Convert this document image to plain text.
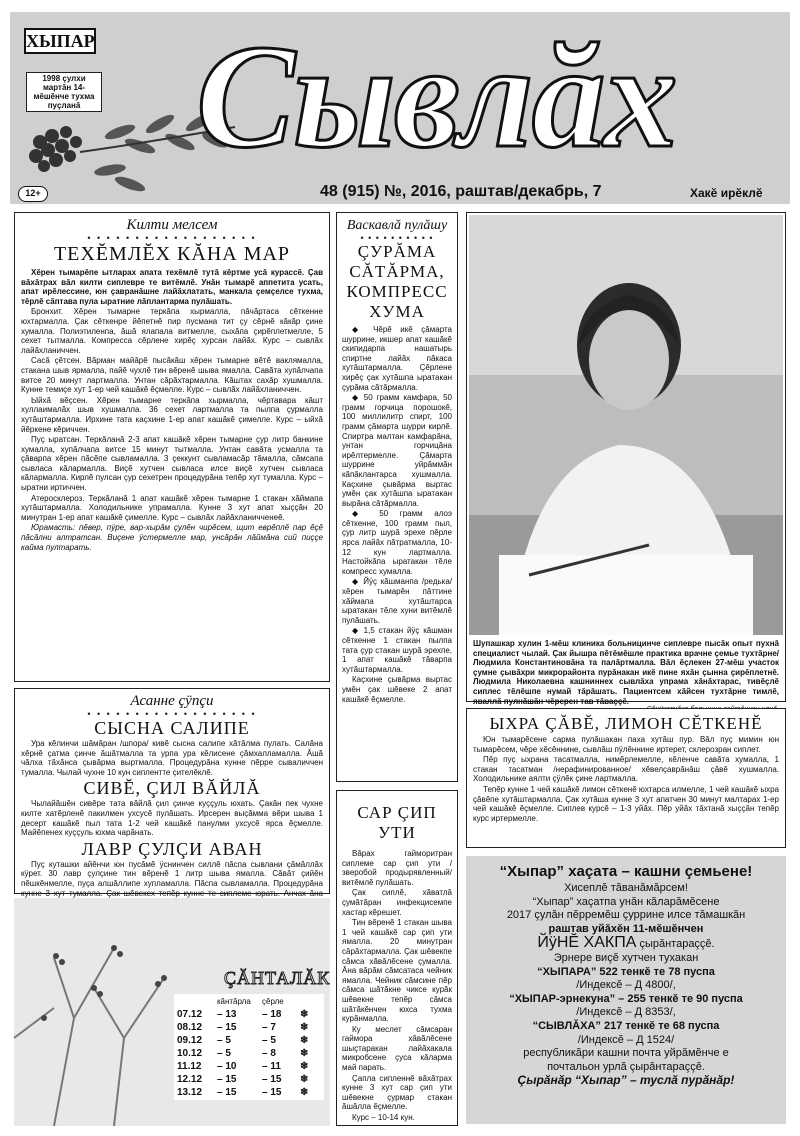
ХЫПАР
1998 çулхи мартăн 14-мĕшĕнче тухма пуçланă Сывлăх
12+	48 (915) №, 2016, раштав/декабрь, 7	Хакĕ ирĕклĕ
Килти мелсем
• • • • • • • • • • • • • • • • • •
ТЕХĔМЛĔХ КĂНА МАР

Хĕрен тымарĕпе ытларах апата техĕмлĕ тутă кĕртме усă курассĕ. Çав вăхăтрах вăл килти сиплевре те витĕмлĕ. Унăн тымарĕ аппетита усать, апат ирĕлессине, юн çавранăшне лайăхлатать, манкала çемçелсе тухма, тĕрлĕ сăптава пула ыратние лăплантарма пулăшать.

Бронхит. Хĕрен тымарне теркăпа хырмалла, пăчăртаса сĕткенне юхтармалла. Çак сĕткенре йĕпетнĕ пир пусмана тит çу сĕрнĕ кăкăр çине хумалла. Полиэтиленпа, ăшă ялапала витмелле, сыхăпа çирĕплетмелле, 5 сехет тытмалла. Компресса сĕрлене хирĕç хурсан лайăх. Курс – сывлăх лайăхланиччен.

Сасă çĕтсен. Вăрман майăрĕ пысăкăш хĕрен тымарне вĕтĕ ваклямалла, стакана шыв ярмалла, пайĕ чухлĕ тин вĕренĕ шыва ямалла. Савăта хупăлчапа витсе 20 минут лартмалла. Унтан сăрăхтармалла. Кăштах сахăр хушмалла. Кунне темиçе хут 1-ер чей кашăкĕ ĕçмелле. Курс – сывлăх лайăхланиччен.

Ыйхă вĕçсен. Хĕрен тымарне теркăпа хырмалла, чĕртавара кăшт хуллаималăх шыв хушмалла. 36 сехет лартмалла та пылпа çурмалла хутăштармалла. Ирхине тата каçхине 1-ер апат кашăкĕ çимелле. Курс – ыйхă йĕркене кĕриччен.

Пуç ыратсан. Теркăланă 2-3 апат кашăкĕ хĕрен тымарне çур литр банкине хумалла, хупăлчапа витсе 15 минут тытмалла. Унтан савăта усмалла та çăварпа хĕрен пăсĕпе сывламалла. 3 çеккунт сывламасăр тăмалла, сăмсапа сывласа кăлармалла. Виçĕ хутчен сывласа илсе виçĕ хутчен сывласа кăлармалла. Кирлĕ пулсан çур сехетрен процедурăна тепĕр хут тумалла. Курс – ыратни иртиччен.

Атеросклероз. Теркăланă 1 апат кашăкĕ хĕрен тымарне 1 стакан хăймапа хутăштармалла. Холодильнике упрамалла. Кунне 3 хут апат хыççăн 20 минутран 1-ер апат кашăкĕ çимелле. Курс – сывлăх лайăхланичченеĕ.

Юрамасть: пĕвер, пÿре, вар-хырăм çулĕн чирĕсем, щит еврĕплĕ пар ĕçĕ пăсăлни алтратсан. Виçене ÿстермелле мар, унсăрăн лăймăна сий пиççе кайма пултарать.

Асанне çÿпçи
• • • • • • • • • • • • • • • • • •
СЫСНА САЛИПЕ

Ура кĕлинчи шăмăран /шпора/ кивĕ сысна салипе хăтăлма пулать. Салăна хĕрнĕ çатма çинче ăшăтмалла та урпа ура кĕлисене çăмхалламалла. Ăшă чăлха тăхăнса çывăрма выртмалла. Процедурăна кунне пĕрре сываличчен тумалла. Чылай чухне 10 кун сиплентте çителĕклĕ.

СИВĔ, ÇИЛ ВĂЙЛĂ

Чылайăшĕн сивĕре тата вăйлă çил çинче куççуль юхать. Çакăн пек чухне килте хатĕрленĕ пакилмен ухсусĕ пулăшать. Ирсерен выçăмма вĕри шыва 1 десерт кашăкĕ пыл тата 1-2 чей кашăкĕ панулми ухсусĕ ярса ĕçмелле. Майĕпенех куççуль юхма чарăнать.

ЛАВР ÇУЛÇИ АВАН

Пуç куташки айĕнчи юн пусăмĕ ÿснинчен силлĕ пăспа сывлани çăмăллăх кÿрет. 30 лавр çулçине тин вĕренĕ 1 литр шыва ямалла. Сăвăт çийĕн пĕшкĕнмелле, пуçа алшăллипе хупламалла. Пăспа сывламалла. Процедурăна кунне 3 хут тумалла. Çак шĕвекех тепĕр кунне те сиплеме юрать. Анчах ăна

ÇĂНТАЛĂК
кăнтăрла	çĕрле
07.12	– 13	– 18	❄
08.12	– 15	– 7	❄
09.12	– 5	– 5	❄
10.12	– 5	– 8	❄
11.12	– 10	– 11	❄
12.12	– 15	– 15	❄
13.12	– 15	– 15	❄
Васкавлă пулăшу
• • • • • • • • • •
ÇУРĂМА СĂТĂРМА, КОМПРЕСС ХУМА

◆ Чĕрĕ икĕ çăмарта шуррине, икшер апат кашăкĕ скипидарпа нашатырь спиртне лайăх пăкаса хутăштармалла. Çĕрлене хирĕç çак хутăшпа ыратакан çурăма сăтăрмалла.

◆ 50 грамм камфара, 50 грамм горчица порошокĕ, 100 миллилитр спирт, 100 грамм çăмарта шурри кирлĕ. Спиртра малтан камфарăна, унтан горчицăна ирĕлтермелле. Çăмарта шуррине уйрăммăн кăпăклантарса хушмалла. Каçхине çывăрма выртас умĕн çак хутăшпа ыратакан вырăна сăтăрмалла.

◆ 50 грамм алоэ сĕткенне, 100 грамм пыл, çур литр шурă эрехе пĕрле ярса лайăх пăтратмалла, 10-12 кун лартмалла. Настойкăпа ыратакан тĕле компресс хумалла.

◆ Йÿç кăшманпа /редька/ хĕрен тымарĕн пăттине хăймапа хутăштарса ыратакан тĕле хуни витĕмлĕ пулăшать.

◆ 1,5 стакан йÿç кăшман сĕткенне 1 стакан пылпа тата çур стакан шурă эрехпе, 1 апат кашăкĕ тăварпа хутăштармалла.

Каçхине çывăрма выртас умĕн çак шĕвеке 2 апат кашăкĕ ĕçмелле.

САР ÇИП УТИ

Вăрах гайморитран сиплеме сар çип ути /зверобой продырявленный/ витĕмлĕ пулăшать.

Çак сиплĕ, хăватлă çумăтăран инфекцисемпе хастар кĕрешет.

Тин вĕренĕ 1 стакан шыва 1 чей кашăкĕ сар çип ути ямалла. 20 минутран сăрăхтармалла. Çак шĕвекпе сăмса хăвăлĕсене çумалла. Ăна вăрăм сăмсатаса чейник ямалла. Чейник сăмсине пĕр сăмса шăтăкне чиксе курăк шĕвекне тепĕр сăмса шăтăкĕнчен юхса тухма курăнмалла.

Ку меслет сăмсаран гаймора хăвăлĕсене шыçтаракан лайăхакала микробсене çуса кăларма май парать.

Çапла сипленнĕ вăхăтрах кунне 3 хут сар çип ути шĕвекне çурмар стакан ăшăлла ĕçмелле.

Курс – 10-14 кун.

Шупашкар хулин 1-мĕш клиника больницинче сиплевре пысăк опыт пухнă специалист чылай. Çак йышра пĕтĕмĕшле практика врачне çемье тухтăрне/ Людмила Константиновăна та палăртмалла. Вăл ĕçлекен 27-мĕш участок çумне çывăхри микрорайонта пурăнакан икĕ пине яхăн çынна çирĕплетнĕ. Людмила Николаевна кашниннех сывлăха упрама хăнăхтарас, тивĕçлĕ сиплес тĕлĕшпе нумай тăрăшать. Пациентсем хăйсен тухтăрне тимлĕ, яваллă пулнăшăн чĕререн тав тăваççĕ.
ЫХРА ÇĂВĔ, ЛИМОН СĔТКЕНĔ

Юн тымарĕсене сарма пулăшакан паха хутăш пур. Вăл пуç мимин юн тымарĕсем, чĕре хĕсĕннине, сывлăш пÿлĕннине иртерет, склерозран сиплет.

Пĕр пуç ыхрана тасатмалла, нимĕрлемелле, кĕленче савăта хумалла, 1 стакан тасатман /нерафинированное/ хĕвелçаврăнăш çăвĕ хушмалла. Холодильнике аялти çÿлĕк çине лартмалла.

Тепĕр кунне 1 чей кашăкĕ лимон сĕткенĕ юхтарса илмелле, 1 чей кашăкĕ ыхра çăвĕпе хутăштармалла. Çак хутăша кунне 3 хут апатчен 30 минут малтарах 1-ер чей кашăкĕ ĕçмелле. Сиплев курсĕ – 1-3 уйăх. Пĕр уйăх тăхтанă хыççăн тепĕр курс иртермелле.

“Хыпар” хаçата – кашни çемьене!
Хисеплĕ тăванӑмăрсем!
“Хыпар” хаçатпа унăн кăларăмĕсене
2017 çулăн пĕрремĕш çуррине илсе тăмашкăн
раштав уйăхĕн 11-мĕшĕнчен
ЙÿНĔ ХАКПА çырăнтараççĕ.
Эрнере виçĕ хутчен тухакан
“ХЫПАРА” 522 тенкĕ те 78 пуспа
/Индексĕ – Д 4800/,
“ХЫПАР-эрнекуна” – 255 тенкĕ те 90 пуспа
/Индексĕ – Д 8353/,
“СЫВЛĂХА” 217 тенкĕ те 68 пуспа
/Индексĕ – Д 1524/
республикăри кашни почта уйрăмĕнче е
почтальон урлă çырăнтараççĕ.
Çырăнăр “Хыпар” – туслă пурăнăр!
